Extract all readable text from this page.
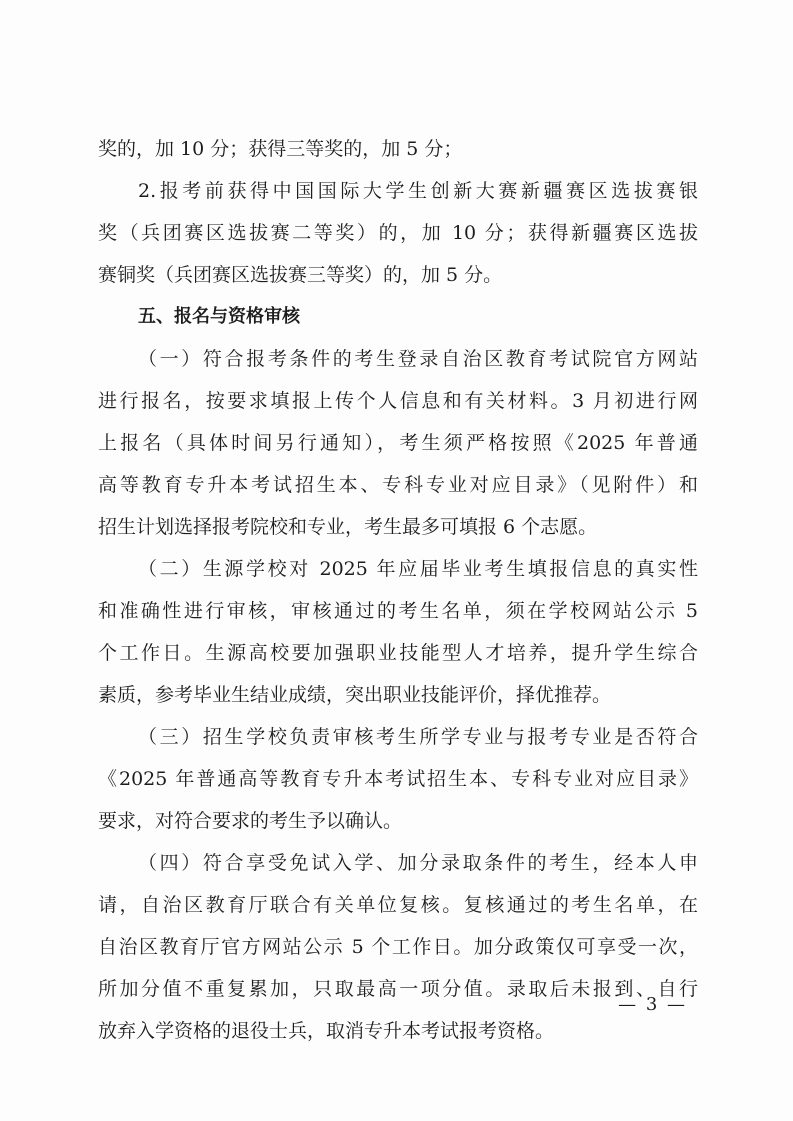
奖的，加 10 分；获得三等奖的，加 5 分；
2.报考前获得中国国际大学生创新大赛新疆赛区选拔赛银
奖（兵团赛区选拔赛二等奖）的，加 10 分；获得新疆赛区选拔
赛铜奖（兵团赛区选拔赛三等奖）的，加 5 分。
五、报名与资格审核
（一）符合报考条件的考生登录自治区教育考试院官方网站
进行报名，按要求填报上传个人信息和有关材料。3 月初进行网
上报名（具体时间另行通知），考生须严格按照《2025 年普通
高等教育专升本考试招生本、专科专业对应目录》（见附件）和
招生计划选择报考院校和专业，考生最多可填报 6 个志愿。
（二）生源学校对 2025 年应届毕业考生填报信息的真实性
和准确性进行审核，审核通过的考生名单，须在学校网站公示 5
个工作日。生源高校要加强职业技能型人才培养，提升学生综合
素质，参考毕业生结业成绩，突出职业技能评价，择优推荐。
（三）招生学校负责审核考生所学专业与报考专业是否符合
《2025 年普通高等教育专升本考试招生本、专科专业对应目录》
要求，对符合要求的考生予以确认。
（四）符合享受免试入学、加分录取条件的考生，经本人申
请，自治区教育厅联合有关单位复核。复核通过的考生名单，在
自治区教育厅官方网站公示 5 个工作日。加分政策仅可享受一次，
所加分值不重复累加，只取最高一项分值。录取后未报到、自行
放弃入学资格的退役士兵，取消专升本考试报考资格。
— 3 —
